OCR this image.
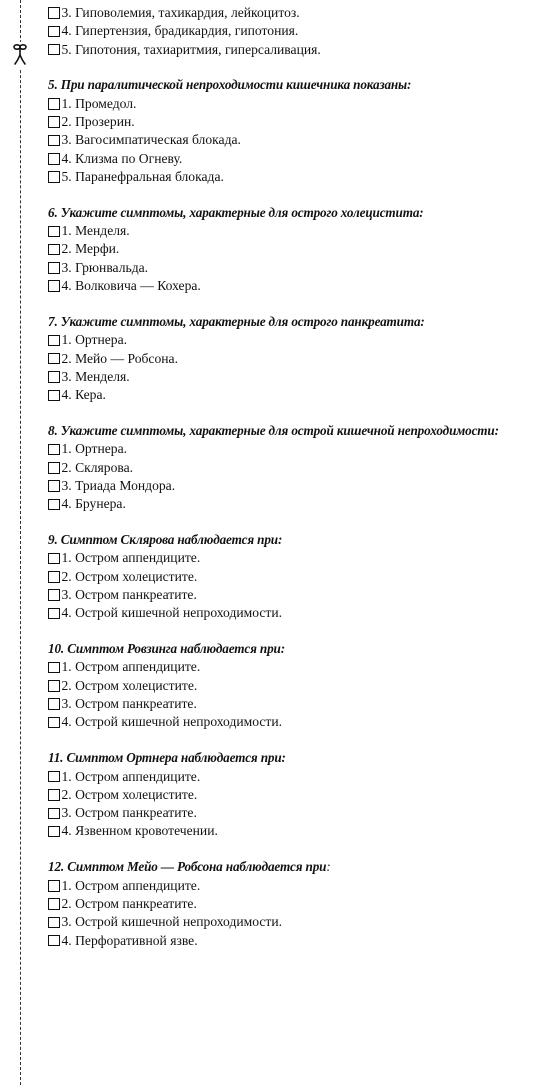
3. Гиповолемия, тахикардия, лейкоцитоз.
4. Гипертензия, брадикардия, гипотония.
5. Гипотония, тахиаритмия, гиперсаливация.
5. При паралитической непроходимости кишечника показаны:
1. Промедол.
2. Прозерин.
3. Вагосимпатическая блокада.
4. Клизма по Огневу.
5. Паранефральная блокада.
6. Укажите симптомы, характерные для острого холецистита:
1. Менделя.
2. Мерфи.
3. Грюнвальда.
4. Волковича — Кохера.
7. Укажите симптомы, характерные для острого панкреатита:
1. Ортнера.
2. Мейо — Робсона.
3. Менделя.
4. Кера.
8. Укажите симптомы, характерные для острой кишечной непроходимости:
1. Ортнера.
2. Склярова.
3. Триада Мондора.
4. Брунера.
9. Симптом Склярова наблюдается при:
1. Остром аппендиците.
2. Остром холецистите.
3. Остром панкреатите.
4. Острой кишечной непроходимости.
10. Симптом Ровзинга наблюдается при:
1. Остром аппендиците.
2. Остром холецистите.
3. Остром панкреатите.
4. Острой кишечной непроходимости.
11. Симптом Ортнера наблюдается при:
1. Остром аппендиците.
2. Остром холецистите.
3. Остром панкреатите.
4. Язвенном кровотечении.
12. Симптом Мейо — Робсона наблюдается при:
1. Остром аппендиците.
2. Остром панкреатите.
3. Острой кишечной непроходимости.
4. Перфоративной язве.
